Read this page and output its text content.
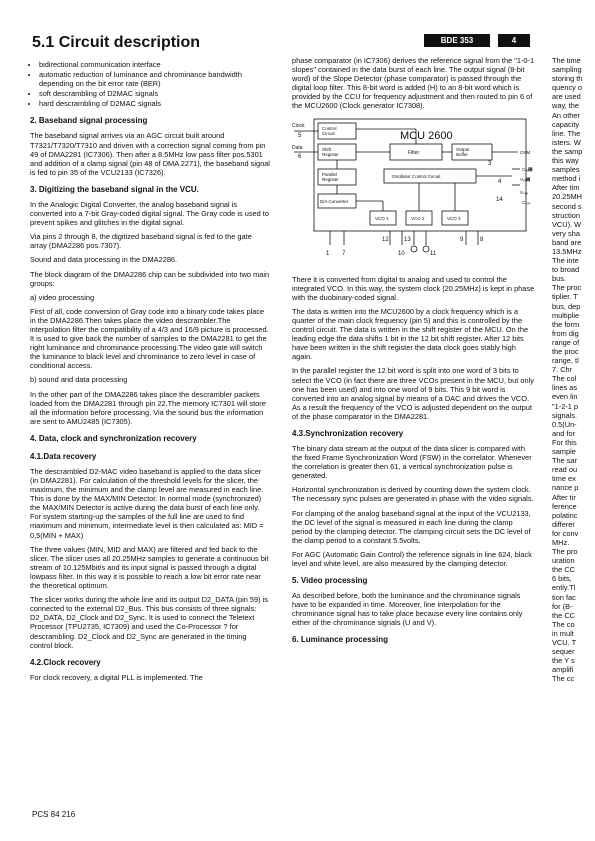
5.1 Circuit description	BDE 353	4
• bidirectional communication interface
• automatic reduction of luminance and chrominance bandwidth depending on the bit error rate (BER)
• soft descrambling of D2MAC signals
• hard descrambling of D2MAC signals
2. Baseband signal processing

The baseband signal arrives via an AGC circuit built around T7321/T7320/T7310 and driven with a correction signal coming from pin 49 of DMA2281 (IC7306). Then after a 8.5MHz low pass filter pos.5301 and addition of a clamp signal (pin 48 of DMA 2271), the baseband signal is fed to pin 35 of the VCU2133 (IC7326).

3. Digitizing the baseband signal in the VCU.

In the Analogic Digital Converter, the analog baseband signal is converted into a 7-bit Gray-coded digital signal. The Gray code is used to prevent spikes and glitches in the digital signal.

Via pins 2 through 8, the digitized baseband signal is fed to the gate array (DMA2286 pos.7307).

Sound and data processing in the DMA2286.

The block diagram of the DMA2286 chip can be subdivided into two main groups:

a) video processing

First of all, code conversion of Gray code into a binary code takes place in the DMA2286.Then takes place the video descrambler.The interpolation filter the compatibility of a 4/3 and 16/9 picture is processed. It is used to give back the number of samples to the DMA2281 to get the right luminance and chrominance processing.The video gate will switch the luminance to black level and chrominance to zero level in case of conditional access.

b) sound and data processing

In the other part of the DMA2286 takes place the descrambler packets loaded from the DMA2281 through pin 22.The memory IC7301 will store all the information before processing. Via the sound bus the information are sent to AMU2485 (IC7305).

4. Data, clock and synchronization recovery
4.1.Data recovery

The descrambled D2-MAC video baseband is applied to the data slicer (in DMA2281). For calculation of the threshold levels for the slicer, the maximum, the minimum and the clamp level are measured in each line. This is done by the MAX/MIN Detector. In normal mode (synchronized) the MAX/MIN Detector is active during the data burst of each line only. For system starting-up the samples of the full line are used to find maximum and minimum, intermediate level is then calculated as: MID = 0,5(MIN + MAX)

The three values (MIN, MID and MAX) are filtered and fed back to the slicer. The slicer uses all 20.25MHz samples to generate a continuous bit stream of 10.125Mbit/s and its input signal is passed through a digital lowpass filter. In this way it is possible to reach a low bit error rate near the theoretical optimum.

The slicer works during the whole line and its output D2_DATA (pin 59) is connected to the external D2_Bus. This bus consists of three signals: D2_DATA, D2_Clock and D2_Sync. It is used to connect the Teletext Processor (TPU2735, IC7309) and used the Co-Processor ? for descrambling. D2_Clock and D2_Sync are generated in the timing control block.

4.2.Clock recovery

For clock recovery, a digital PLL is implemented. The

phase comparator (in IC7306) derives the reference signal from the "1-0-1 slopes" contained in the data burst of each line. The output signal (8-bit word) of the Slope Detector (phase comparator) is passed through the digital loop filter. This 8-bit word is added (H) to an 8-bit word which is provided by the CCU for frequency adjustment and then routed to pin 6 of the MCU2600 (Clock generator IC7308).

Clock
5
Data
6
MCU 2600
Control Circuit
Shift Register	Filter
Output Buffer	OSM
3
Parallel Register
Oscillator Control Circuit
D/A Converter
VCO 1	VCO 2	VCO 3
Cᵣₑ₟
Vᵣₑ₟
Vₛᵤₚ
Cₛᵤₚ
4
14
1 7
12	13
10	11
9	8

There it is converted from digital to analog and used to control the integrated VCO. In this way, the system clock (20.25MHz) is kept in phase with the duobinary-coded signal.

The data is written into the MCU2600 by a clock frequency which is a quarter of the main clock frequency (pin 5) and this is controlled by the control circuit. The data is written in the shift register of the MCU. On the leading edge the data shifts 1 bit in the 12 bit shift register. After 12 bits have been written in the shift register the data clock goes stably high again.

In the parallel register the 12 bit word is split into one word of 3 bits to select the VCO (in fact there are three VCOs present in the MCU, but only one has been used) and into one word of 9 bits. This 9 bit word is converted into an analog signal by means of a DAC and drives the VCO. As a result the frequency of the VCO is adjusted dependent on the output of the phase comparator in the DMA2281.

4.3.Synchronization recovery

The binary data stream at the output of the data slicer is compared with the fixed Frame Synchronization Word (FSW) in the correlator. Whenever the correlation is greater then 61, a vertical synchronization pulse is generated.

Horizontal synchronization is derived by counting down the system clock. The necessary sync pulses are generated in phase with the video signals.

For clamping of the analog baseband signal at the input of the VCU2133, the DC level of the signal is measured in each line during the clamp period by the clamping detector. The clamping circuit sets the DC level of the clamp period to a constant 5.5volts.

For AGC (Automatic Gain Control) the reference signals in line 624, black level and white level, are also measured by the clamping detector.

5. Video processing

As described before, both the luminance and the chrominance signals have to be expanded in time. Moreover, line interpolation for the chrominance signal has to take place because every line contains only either of the chrominance signals (U and V).

6. Luminance processing

The time

sampling

storing th

quency o

are used

way, the

An other

capacity

line. The

isters. W

the samp

this way

samples

method i

After tim

20.25MH

second s

struction

VCU). W

very sha

band are

13.5MHz

The inte

to broad

bus.

The proc

tiplier. T

bus, dep

multiplie

the form

from dig

range of

the proc

range, tl

7. Chr

The col

lines as

even lin

"1-2-1 p

signals.

0.5(Un-

and for

For this

sample

The sar

read ou

time ex

nance p

After tir

ference

polatinc

differer

for conv

MHz.

The pro

uration

the CC

6 bits,

ently.Tl

tion fac

for (B-

the CC

The co

in mult

VCU. T

sequer

the Y s

amplifi

The cc

PCS 84 216
